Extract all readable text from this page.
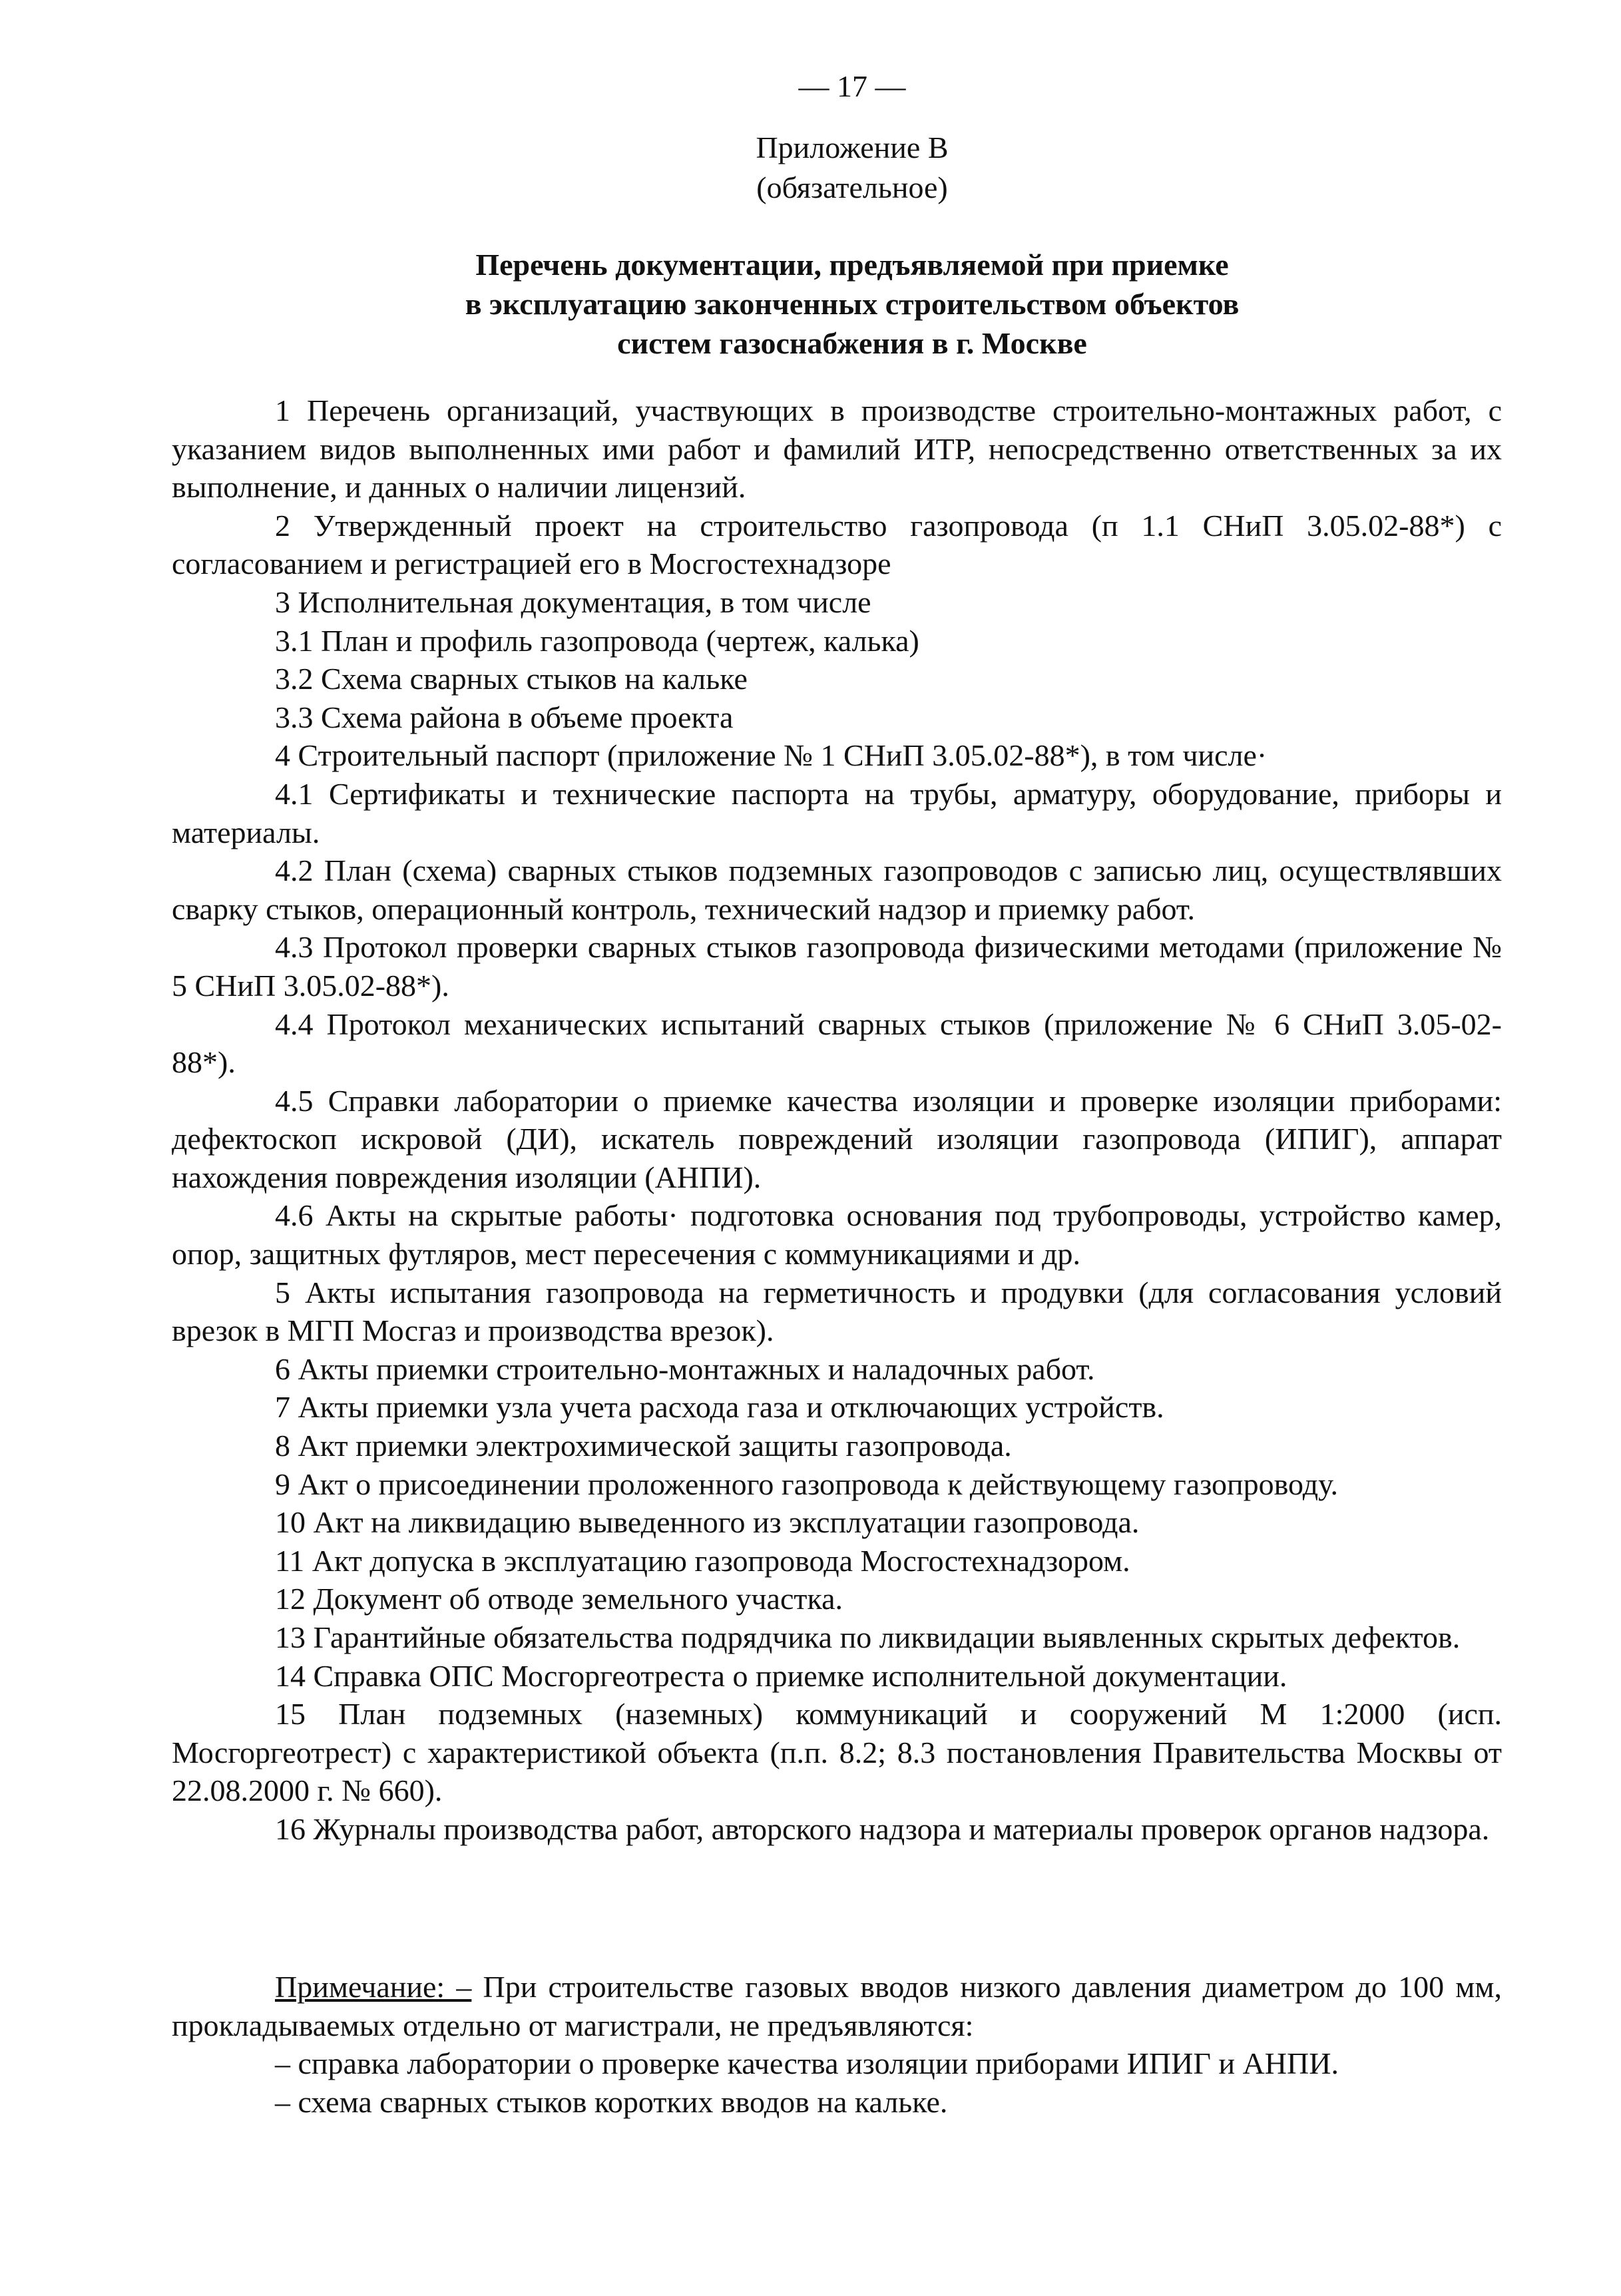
— 17 —
Приложение В
(обязательное)
Перечень документации, предъявляемой при приемке
в эксплуатацию законченных строительством объектов
систем газоснабжения в г. Москве

1 Перечень организаций, участвующих в производстве строительно-монтажных работ, с указанием видов выполненных ими работ и фамилий ИТР, непосредственно ответственных за их выполнение, и данных о наличии лицензий.

2 Утвержденный проект на строительство газопровода (п 1.1 СНиП 3.05.02-88*) с согласованием и регистрацией его в Мосгостехнадзоре

3 Исполнительная документация, в том числе

3.1 План и профиль газопровода (чертеж, калька)

3.2 Схема сварных стыков на кальке

3.3 Схема района в объеме проекта

4 Строительный паспорт (приложение № 1 СНиП 3.05.02-88*), в том числе·

4.1 Сертификаты и технические паспорта на трубы, арматуру, оборудование, приборы и материалы.

4.2 План (схема) сварных стыков подземных газопроводов с записью лиц, осуществлявших сварку стыков, операционный контроль, технический надзор и приемку работ.

4.3 Протокол проверки сварных стыков газопровода физическими методами (приложение № 5 СНиП 3.05.02-88*).

4.4 Протокол механических испытаний сварных стыков (приложение № 6 СНиП 3.05-02-88*).

4.5 Справки лаборатории о приемке качества изоляции и проверке изоляции приборами: дефектоскоп искровой (ДИ), искатель повреждений изоляции газопровода (ИПИГ), аппарат нахождения повреждения изоляции (АНПИ).

4.6 Акты на скрытые работы· подготовка основания под трубопроводы, устройство камер, опор, защитных футляров, мест пересечения с коммуникациями и др.

5 Акты испытания газопровода на герметичность и продувки (для согласования условий врезок в МГП Мосгаз и производства врезок).

6 Акты приемки строительно-монтажных и наладочных работ.

7 Акты приемки узла учета расхода газа и отключающих устройств.

8 Акт приемки электрохимической защиты газопровода.

9 Акт о присоединении проложенного газопровода к действующему газопроводу.

10 Акт на ликвидацию выведенного из эксплуатации газопровода.

11 Акт допуска в эксплуатацию газопровода Мосгостехнадзором.

12 Документ об отводе земельного участка.

13 Гарантийные обязательства подрядчика по ликвидации выявленных скрытых дефектов.

14 Справка ОПС Мосгоргеотреста о приемке исполнительной документации.

15 План подземных (наземных) коммуникаций и сооружений М 1:2000 (исп. Мосгоргеотрест) с характеристикой объекта (п.п. 8.2; 8.3 постановления Правительства Москвы от 22.08.2000 г. № 660).

16 Журналы производства работ, авторского надзора и материалы проверок органов надзора.

Примечание: – При строительстве газовых вводов низкого давления диаметром до 100 мм, прокладываемых отдельно от магистрали, не предъявляются:

– справка лаборатории о проверке качества изоляции приборами ИПИГ и АНПИ.

– схема сварных стыков коротких вводов на кальке.
